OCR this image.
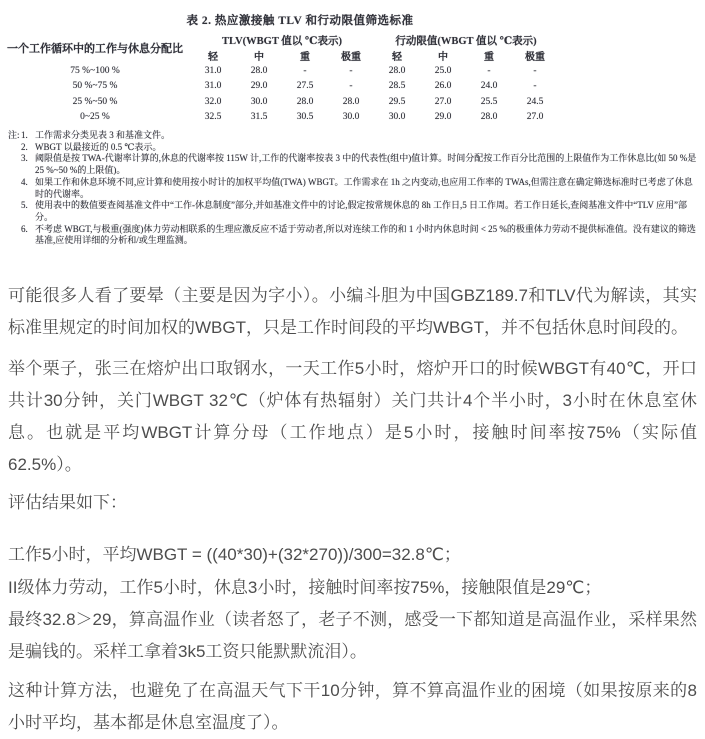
表 2. 热应激接触 TLV 和行动限值筛选标准
一个工作循环中的工作与休息分配比	TLV(WBGT 值以 ℃表示)				行动限值(WBGT 值以 ℃表示)			
	轻	中	重	极重	轻	中	重	极重
75 %~100 %	31.0	28.0	-	-	28.0	25.0	-	-
50 %~75 %	31.0	29.0	27.5	-	28.5	26.0	24.0	-
25 %~50 %	32.0	30.0	28.0	28.0	29.5	27.0	25.5	24.5
0~25 %	32.5	31.5	30.5	30.0	30.0	29.0	28.0	27.0
注: 1. 工作需求分类见表 3 和基准文件。
2. WBGT 以最接近的 0.5 ℃表示。
3. 阈限值是按 TWA-代谢率计算的,休息的代谢率按 115W 计,工作的代谢率按表 3 中的代表性(组中)值计算。时间分配按工作百分比范围的上限值作为工作休息比(如 50 %是 25 %~50 %的上限值)。
4. 如果工作和休息环境不同,应计算和使用按小时计的加权平均值(TWA) WBGT。工作需求在 1h 之内变动,也应用工作率的 TWAs,但需注意在确定筛选标准时已考虑了休息时的代谢率。
5. 使用表中的数值要查阅基准文件中“工作-休息制度”部分,并如基准文件中的讨论,假定按常规休息的 8h 工作日,5 日工作周。若工作日延长,查阅基准文件中“TLV 应用”部分。
6. 不考虑 WBGT,与极重(强度)体力劳动相联系的生理应激反应不适于劳动者,所以对连续工作的和 1 小时内休息时间 < 25 %的极重体力劳动不提供标准值。没有建议的筛选基准,应使用详细的分析和/或生理监测。

可能很多人看了要晕（主要是因为字小）。小编斗胆为中国GBZ189.7和TLV代为解读，其实标准里规定的时间加权的WBGT，只是工作时间段的平均WBGT，并不包括休息时间段的。

举个栗子，张三在熔炉出口取钢水，一天工作5小时，熔炉开口的时候WBGT有40℃，开口共计30分钟，关门WBGT 32℃（炉体有热辐射）关门共计4个半小时，3小时在休息室休息。也就是平均WBGT计算分母（工作地点）是5小时，接触时间率按75%（实际值62.5%）。

评估结果如下：

工作5小时，平均WBGT = ((40*30)+(32*270))/300=32.8℃；

II级体力劳动，工作5小时，休息3小时，接触时间率按75%，接触限值是29℃；

最终32.8＞29，算高温作业（读者怒了，老子不测，感受一下都知道是高温作业，采样果然是骗钱的。采样工拿着3k5工资只能默默流泪）。

这种计算方法，也避免了在高温天气下干10分钟，算不算高温作业的困境（如果按原来的8小时平均，基本都是休息室温度了）。
